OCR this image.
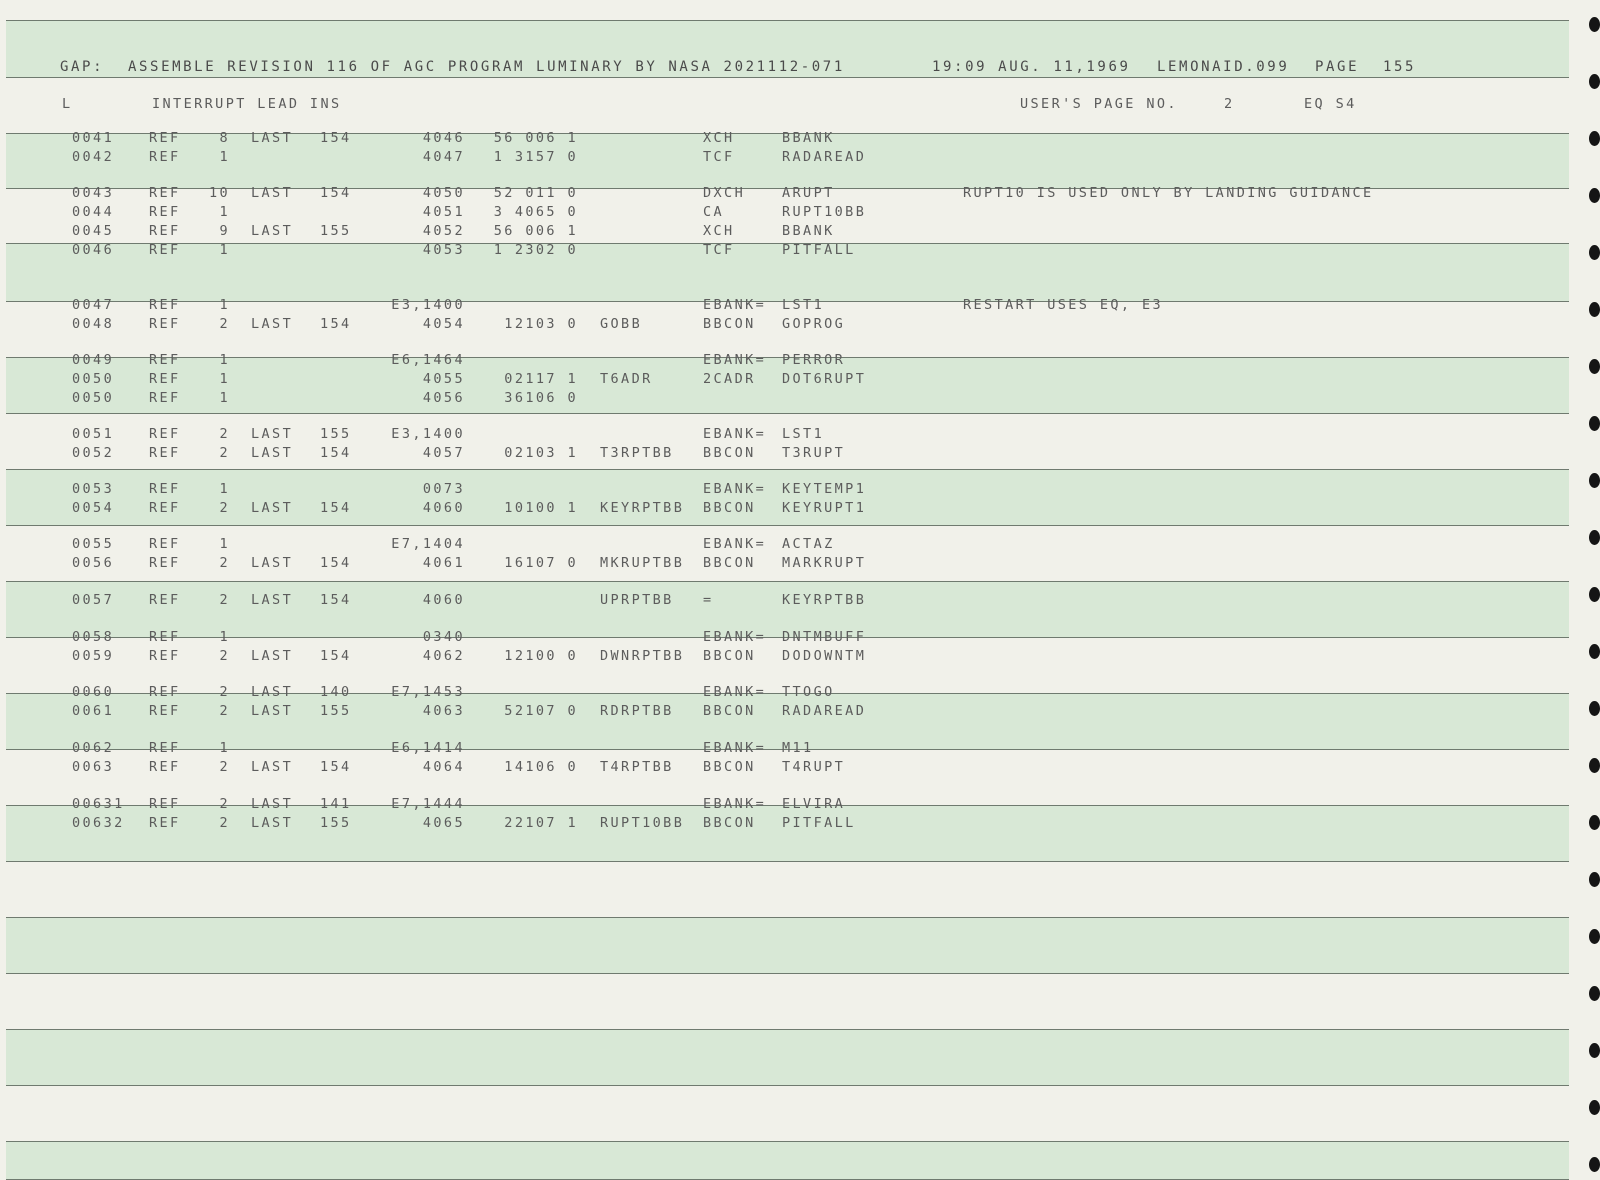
GAP: ASSEMBLE REVISION 116 OF AGC PROGRAM LUMINARY BY NASA 2021112-071	19:09 AUG. 11,1969 LEMONAID.099 PAGE 155
L	INTERRUPT LEAD INS	USER'S PAGE NO.	2	EQ S4
0041	REF	8 LAST 154	4046 56 006 1	XCH	BBANK
0042	REF	1	4047 1 3157 0	TCF	RADAREAD
0043	REF 10 LAST 154	4050 52 011 0	DXCH	ARUPT	RUPT10 IS USED ONLY BY LANDING GUIDANCE
0044	REF	1	4051 3 4065 0	CA	RUPT10BB
0045	REF	9 LAST 155	4052 56 006 1	XCH	BBANK
0046	REF	1	4053 1 2302 0	TCF	PITFALL
0047	REF	1	E3,1400	EBANK= LST1	RESTART USES EQ, E3
0048	REF	2 LAST 154	4054	12103 0 GOBB	BBCON GOPROG
0049	REF	1	E6,1464	EBANK= PERROR
0050	REF	1	4055	02117 1 T6ADR	2CADR DOT6RUPT
0050	REF	1	4056	36106 0
0051	REF	2 LAST 155	E3,1400	EBANK= LST1
0052	REF	2 LAST 154	4057	02103 1 T3RPTBB BBCON T3RUPT
0053	REF	1	0073	EBANK= KEYTEMP1
0054	REF	2 LAST 154	4060	10100 1 KEYRPTBB BBCON KEYRUPT1
0055	REF	1	E7,1404	EBANK= ACTAZ
0056	REF	2 LAST 154	4061	16107 0 MKRUPTBB BBCON MARKRUPT
0057	REF	2 LAST 154	4060	UPRPTBB =	KEYRPTBB
0058	REF	1	0340	EBANK= DNTMBUFF
0059	REF	2 LAST 154	4062	12100 0 DWNRPTBB BBCON DODOWNTM
0060	REF	2 LAST 140	E7,1453	EBANK= TTOGO
0061	REF	2 LAST 155	4063	52107 0 RDRPTBB BBCON RADAREAD
0062	REF	1	E6,1414	EBANK= M11
0063	REF	2 LAST 154	4064	14106 0 T4RPTBB BBCON T4RUPT
00631 REF	2 LAST 141	E7,1444	EBANK= ELVIRA
00632 REF	2 LAST 155	4065	22107 1 RUPT10BB BBCON PITFALL
